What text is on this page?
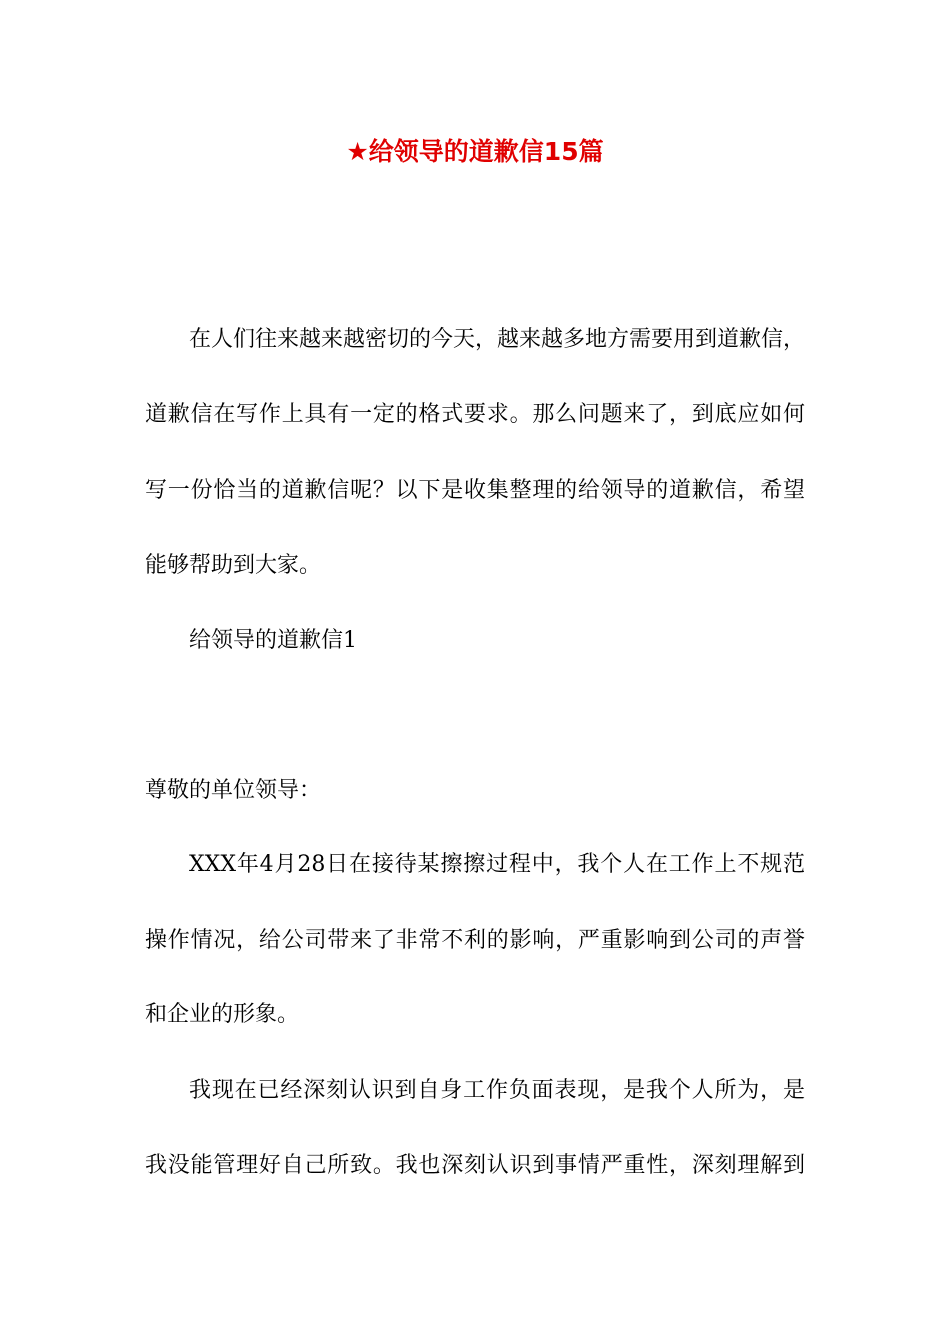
★给领导的道歉信15篇
在人们往来越来越密切的今天，越来越多地方需要用到道歉信，
道歉信在写作上具有一定的格式要求。那么问题来了，到底应如何
写一份恰当的道歉信呢？以下是收集整理的给领导的道歉信，希望
能够帮助到大家。
给领导的道歉信1
尊敬的单位领导：
XXX年4月28日在接待某擦擦过程中，我个人在工作上不规范
操作情况，给公司带来了非常不利的影响，严重影响到公司的声誉
和企业的形象。
我现在已经深刻认识到自身工作负面表现，是我个人所为，是
我没能管理好自己所致。我也深刻认识到事情严重性，深刻理解到
